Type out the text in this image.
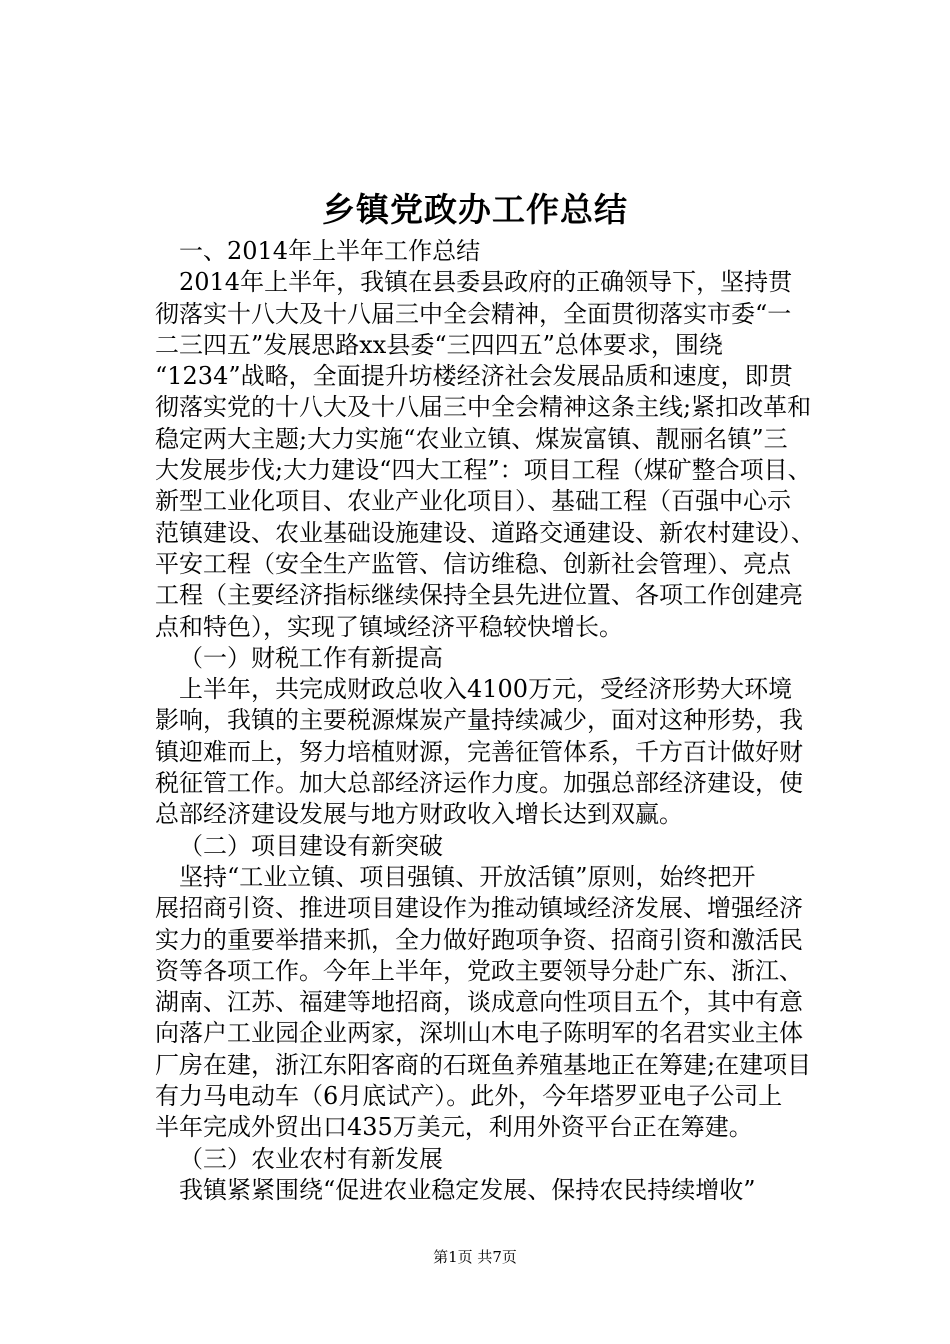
乡镇党政办工作总结
一、2014年上半年工作总结
2014年上半年，我镇在县委县政府的正确领导下，坚持贯
彻落实十八大及十八届三中全会精神，全面贯彻落实市委“一
二三四五”发展思路xx县委“三四四五”总体要求，围绕
“1234”战略，全面提升坊楼经济社会发展品质和速度，即贯
彻落实党的十八大及十八届三中全会精神这条主线;紧扣改革和
稳定两大主题;大力实施“农业立镇、煤炭富镇、靓丽名镇”三
大发展步伐;大力建设“四大工程”：项目工程（煤矿整合项目、
新型工业化项目、农业产业化项目）、基础工程（百强中心示
范镇建设、农业基础设施建设、道路交通建设、新农村建设）、
平安工程（安全生产监管、信访维稳、创新社会管理）、亮点
工程（主要经济指标继续保持全县先进位置、各项工作创建亮
点和特色），实现了镇域经济平稳较快增长。
（一）财税工作有新提高
上半年，共完成财政总收入4100万元，受经济形势大环境
影响，我镇的主要税源煤炭产量持续减少，面对这种形势，我
镇迎难而上，努力培植财源，完善征管体系，千方百计做好财
税征管工作。加大总部经济运作力度。加强总部经济建设，使
总部经济建设发展与地方财政收入增长达到双赢。
（二）项目建设有新突破
坚持“工业立镇、项目强镇、开放活镇”原则，始终把开
展招商引资、推进项目建设作为推动镇域经济发展、增强经济
实力的重要举措来抓，全力做好跑项争资、招商引资和激活民
资等各项工作。今年上半年，党政主要领导分赴广东、浙江、
湖南、江苏、福建等地招商，谈成意向性项目五个，其中有意
向落户工业园企业两家，深圳山木电子陈明军的名君实业主体
厂房在建，浙江东阳客商的石斑鱼养殖基地正在筹建;在建项目
有力马电动车（6月底试产）。此外，今年塔罗亚电子公司上
半年完成外贸出口435万美元，利用外资平台正在筹建。
（三）农业农村有新发展
我镇紧紧围绕“促进农业稳定发展、保持农民持续增收”
第1页 共7页
